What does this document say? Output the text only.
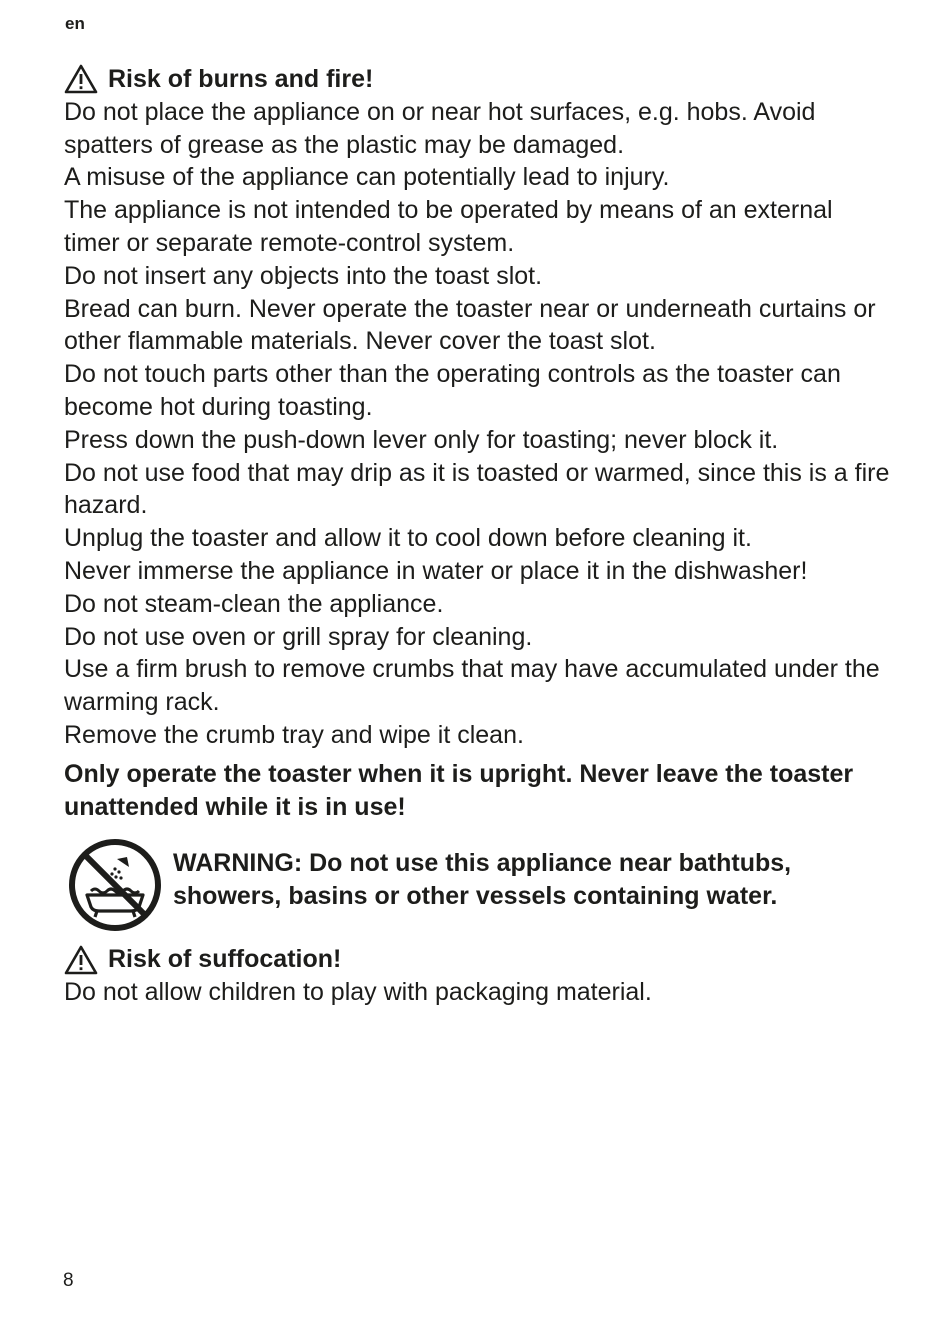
en
Risk of burns and fire!

Do not place the appliance on or near hot surfaces, e.g. hobs. Avoid spatters of grease as the plastic may be damaged.

A misuse of the appliance can potentially lead to injury.

The appliance is not intended to be operated by means of an external timer or separate remote-control system.

Do not insert any objects into the toast slot.

Bread can burn. Never operate the toaster near or underneath curtains or other flammable materials. Never cover the toast slot.

Do not touch parts other than the operating controls as the toaster can become hot during toasting.

Press down the push-down lever only for toasting; never block it.

Do not use food that may drip as it is toasted or warmed, since this is a fire hazard.

Unplug the toaster and allow it to cool down before cleaning it.

Never immerse the appliance in water or place it in the dishwasher!

Do not steam-clean the appliance.

Do not use oven or grill spray for cleaning.

Use a firm brush to remove crumbs that may have accumulated under the warming rack.

Remove the crumb tray and wipe it clean.

Only operate the toaster when it is upright. Never leave the toaster unattended while it is in use!

WARNING: Do not use this appliance near bathtubs, showers, basins or other vessels containing water.
Risk of suffocation!

Do not allow children to play with packaging material.

8
